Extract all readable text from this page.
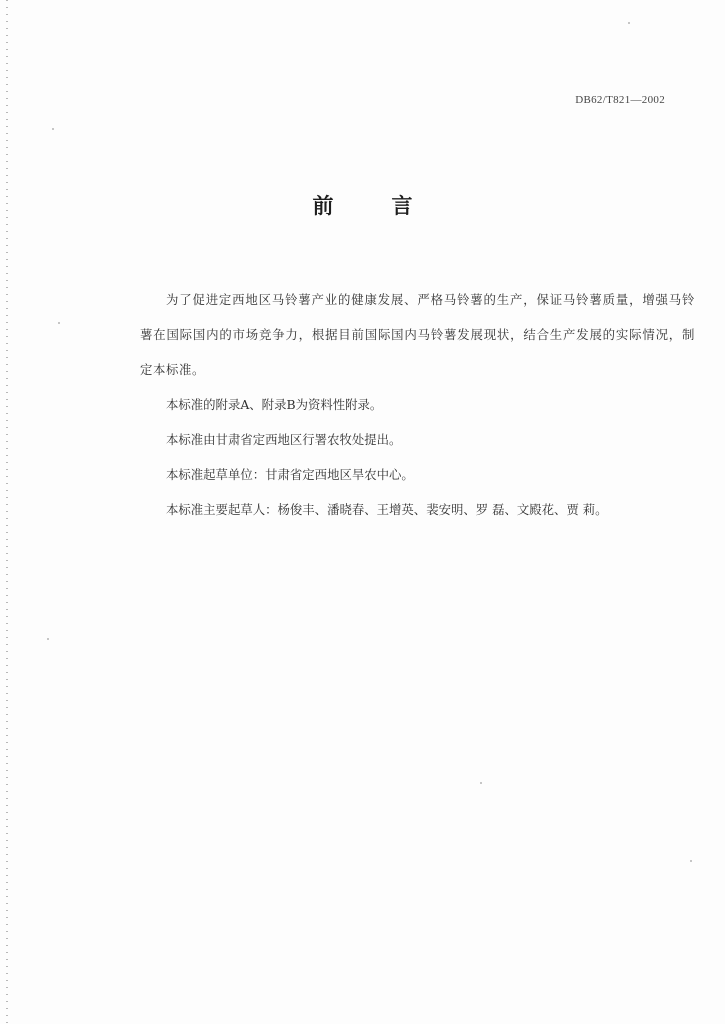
DB62/T821—2002
前言

为了促进定西地区马铃薯产业的健康发展、严格马铃薯的生产，保证马铃薯质量，增强马铃薯在国际国内的市场竞争力，根据目前国际国内马铃薯发展现状，结合生产发展的实际情况，制定本标准。

本标准的附录A、附录B为资料性附录。

本标准由甘肃省定西地区行署农牧处提出。

本标准起草单位：甘肃省定西地区旱农中心。

本标准主要起草人：杨俊丰、潘晓春、王增英、裴安明、罗 磊、文殿花、贾 莉。
